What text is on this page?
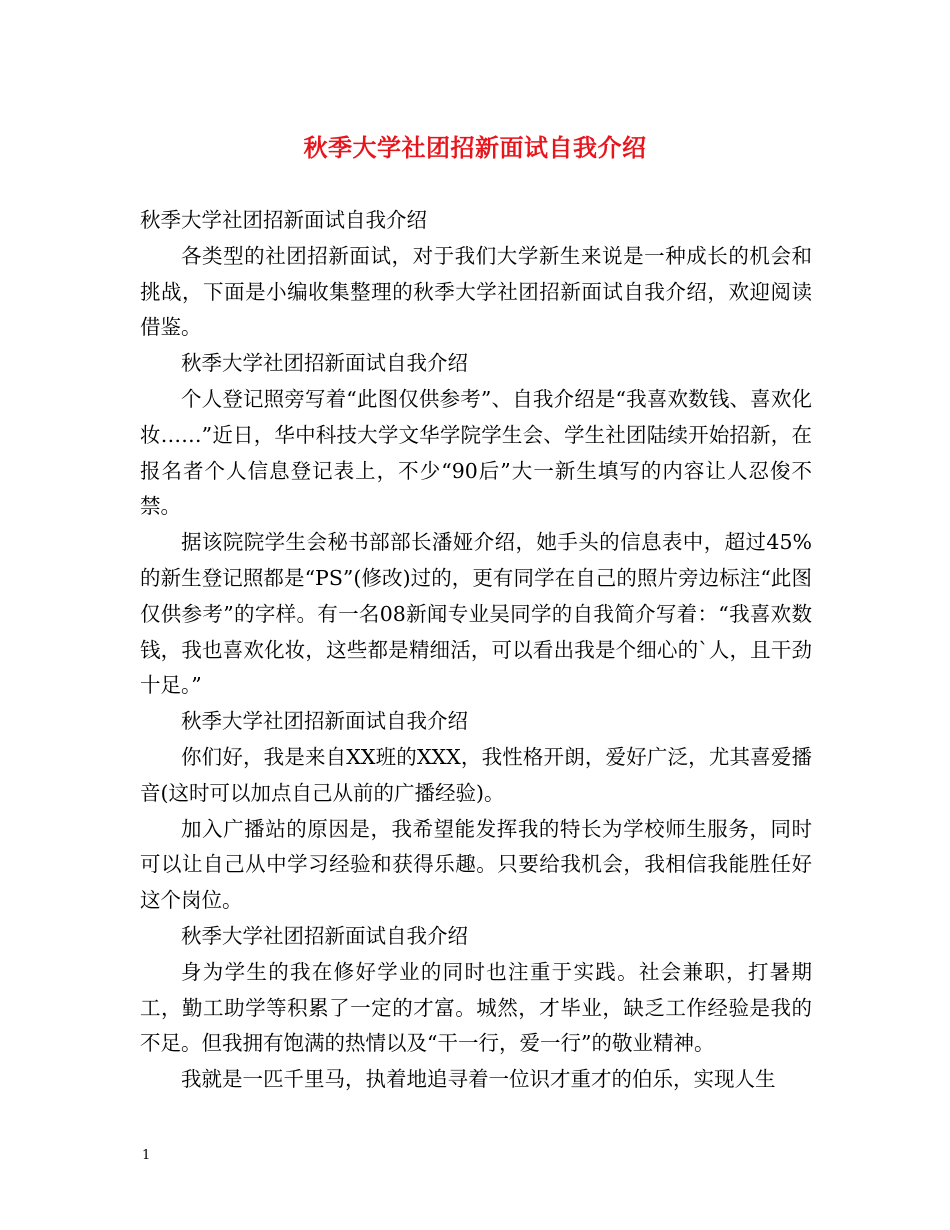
秋季大学社团招新面试自我介绍

秋季大学社团招新面试自我介绍

各类型的社团招新面试，对于我们大学新生来说是一种成长的机会和挑战，下面是小编收集整理的秋季大学社团招新面试自我介绍，欢迎阅读借鉴。

秋季大学社团招新面试自我介绍

个人登记照旁写着“此图仅供参考”、自我介绍是“我喜欢数钱、喜欢化妆……”近日，华中科技大学文华学院学生会、学生社团陆续开始招新，在报名者个人信息登记表上，不少“90后”大一新生填写的内容让人忍俊不禁。

据该院院学生会秘书部部长潘娅介绍，她手头的信息表中，超过45%的新生登记照都是“PS”(修改)过的，更有同学在自己的照片旁边标注“此图仅供参考”的字样。有一名08新闻专业吴同学的自我简介写着：“我喜欢数钱，我也喜欢化妆，这些都是精细活，可以看出我是个细心的`人，且干劲十足。”

秋季大学社团招新面试自我介绍

你们好，我是来自XX班的XXX，我性格开朗，爱好广泛，尤其喜爱播音(这时可以加点自己从前的广播经验)。

加入广播站的原因是，我希望能发挥我的特长为学校师生服务，同时可以让自己从中学习经验和获得乐趣。只要给我机会，我相信我能胜任好这个岗位。

秋季大学社团招新面试自我介绍

身为学生的我在修好学业的同时也注重于实践。社会兼职，打暑期工，勤工助学等积累了一定的才富。城然，才毕业，缺乏工作经验是我的不足。但我拥有饱满的热情以及“干一行，爱一行”的敬业精神。

我就是一匹千里马，执着地追寻着一位识才重才的伯乐，实现人生

1
